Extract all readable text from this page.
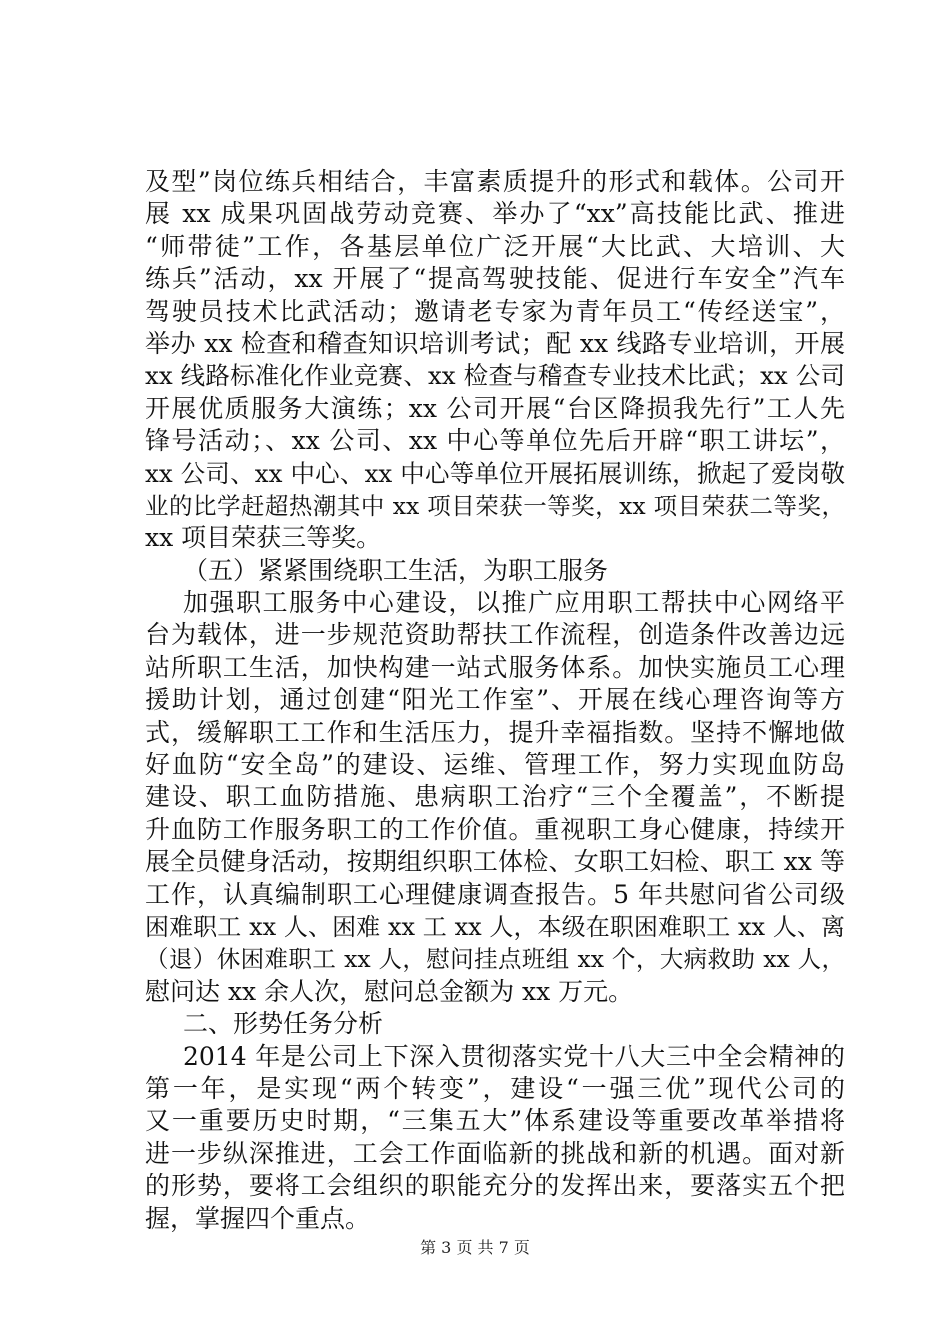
及型”岗位练兵相结合，丰富素质提升的形式和载体。公司开
展 xx 成果巩固战劳动竞赛、举办了“xx”高技能比武、推进
“师带徒”工作，各基层单位广泛开展“大比武、大培训、大
练兵”活动，xx 开展了“提高驾驶技能、促进行车安全”汽车
驾驶员技术比武活动；邀请老专家为青年员工“传经送宝”，
举办 xx 检查和稽查知识培训考试；配 xx 线路专业培训，开展
xx 线路标准化作业竞赛、xx 检查与稽查专业技术比武；xx 公司
开展优质服务大演练；xx 公司开展“台区降损我先行”工人先
锋号活动；、xx 公司、xx 中心等单位先后开辟“职工讲坛”，
xx 公司、xx 中心、xx 中心等单位开展拓展训练，掀起了爱岗敬
业的比学赶超热潮其中 xx 项目荣获一等奖，xx 项目荣获二等奖，
xx 项目荣获三等奖。
（五）紧紧围绕职工生活，为职工服务
加强职工服务中心建设，以推广应用职工帮扶中心网络平
台为载体，进一步规范资助帮扶工作流程，创造条件改善边远
站所职工生活，加快构建一站式服务体系。加快实施员工心理
援助计划，通过创建“阳光工作室”、开展在线心理咨询等方
式，缓解职工工作和生活压力，提升幸福指数。坚持不懈地做
好血防“安全岛”的建设、运维、管理工作，努力实现血防岛
建设、职工血防措施、患病职工治疗“三个全覆盖”，不断提
升血防工作服务职工的工作价值。重视职工身心健康，持续开
展全员健身活动，按期组织职工体检、女职工妇检、职工 xx 等
工作，认真编制职工心理健康调查报告。5 年共慰问省公司级
困难职工 xx 人、困难 xx 工 xx 人，本级在职困难职工 xx 人、离
（退）休困难职工 xx 人，慰问挂点班组 xx 个，大病救助 xx 人，
慰问达 xx 余人次，慰问总金额为 xx 万元。
二、形势任务分析
2014 年是公司上下深入贯彻落实党十八大三中全会精神的
第一年，是实现“两个转变”，建设“一强三优”现代公司的
又一重要历史时期，“三集五大”体系建设等重要改革举措将
进一步纵深推进，工会工作面临新的挑战和新的机遇。面对新
的形势，要将工会组织的职能充分的发挥出来，要落实五个把
握，掌握四个重点。
第 3 页 共 7 页
